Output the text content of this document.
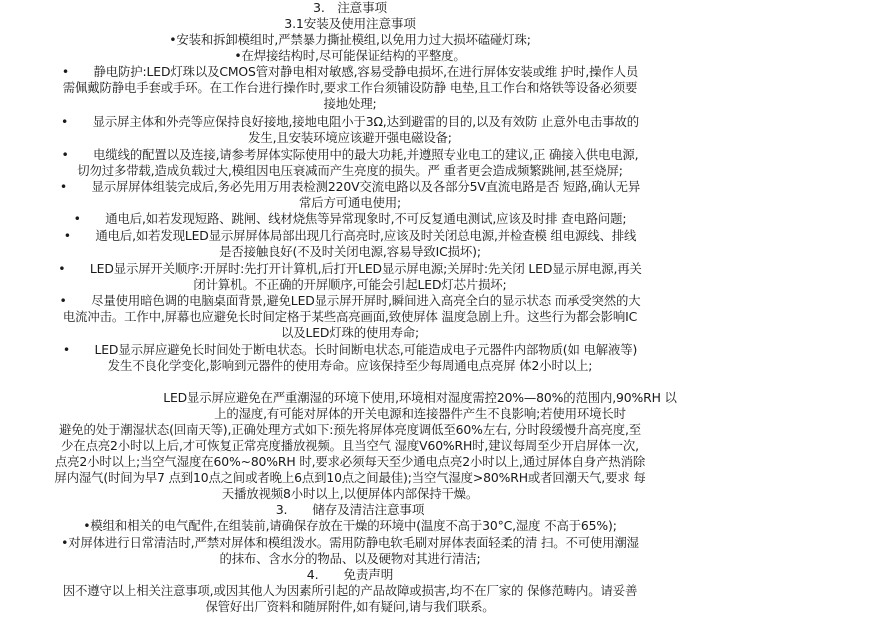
3.　注意事项
3.1安装及使用注意事项
•安装和拆卸模组时,严禁暴力撕扯模组,以免用力过大损坏磕碰灯珠;
•在焊接结构时,尽可能保证结构的平整度。
•　　静电防护:LED灯珠以及CMOS管对静电相对敏感,容易受静电损坏,在进行屏体安装或维 护时,操作人员
需佩戴防静电手套或手环。在工作台进行操作时,要求工作台须铺设防静 电垫,且工作台和烙铁等设备必须要
接地处理;
•　　显示屏主体和外壳等应保持良好接地,接地电阻小于3Ω,达到避雷的目的,以及有效防 止意外电击事故的
发生,且安装环境应该避开强电磁设备;
•　　电缆线的配置以及连接,请参考屏体实际使用中的最大功耗,并遵照专业电工的建议,正 确接入供电电源,
切勿过多带载,造成负载过大,模组因电压衰减而产生亮度的损失。严 重者更会造成频繁跳闸,甚至烧屏;
•　　显示屏屏体组装完成后,务必先用万用表检测220V交流电路以及各部分5V直流电路是否 短路,确认无异
常后方可通电使用;
•　　通电后,如若发现短路、跳闸、线材烧焦等异常现象时,不可反复通电测试,应该及时排 查电路问题;
•　　通电后,如若发现LED显示屏屏体局部出现几行高亮时,应该及时关闭总电源,并检查模 组电源线、排线
是否接触良好(不及时关闭电源,容易导致IC损坏);
•　　LED显示屏开关顺序:开屏时:先打开计算机,后打开LED显示屏电源;关屏时:先关闭 LED显示屏电源,再关
闭计算机。不正确的开屏顺序,可能会引起LED灯芯片损坏;
•　　尽量使用暗色调的电脑桌面背景,避免LED显示屏开屏时,瞬间进入高亮全白的显示状态 而承受突然的大
电流冲击。工作中,屏幕也应避免长时间定格于某些高亮画面,致使屏体 温度急剧上升。这些行为都会影响IC
以及LED灯珠的使用寿命;
•　　LED显示屏应避免长时间处于断电状态。长时间断电状态,可能造成电子元器件内部物质(如 电解液等)
发生不良化学变化,影响到元器件的使用寿命。应该保持至少每周通电点亮屏 体2小时以上;
LED显示屏应避免在严重潮湿的环境下使用,环境相对湿度需控20%—80%的范围内,90%RH 以
上的湿度,有可能对屏体的开关电源和连接器件产生不良影响;若使用环境长时
避免的处于潮湿状态(回南天等),正确处理方式如下:预先将屏体亮度调低至60%左右, 分时段缓慢升高亮度,至
少在点亮2小时以上后,才可恢复正常亮度播放视频。且当空气 湿度V60%RH时,建议每周至少开启屏体一次,
点亮2小时以上;当空气湿度在60%~80%RH 时,要求必须每天至少通电点亮2小时以上,通过屏体自身产热消除
屏内湿气(时间为早7 点到10点之间或者晚上6点到10点之间最佳);当空气湿度>80%RH或者回潮天气,要求 每
天播放视频8小时以上,以便屏体内部保持干燥。
3.　　储存及清洁注意事项
•模组和相关的电气配件,在组装前,请确保存放在干燥的环境中(温度不高于30°C,湿度 不高于65%);
•对屏体进行日常清洁时,严禁对屏体和模组泼水。需用防静电软毛刷对屏体表面轻柔的清 扫。不可使用潮湿
的抹布、含水分的物品、以及硬物对其进行清洁;
4.　　免责声明
因不遵守以上相关注意事项,或因其他人为因素所引起的产品故障或损害,均不在厂家的 保修范畴内。请妥善
保管好出厂资料和随屏附件,如有疑问,请与我们联系。
